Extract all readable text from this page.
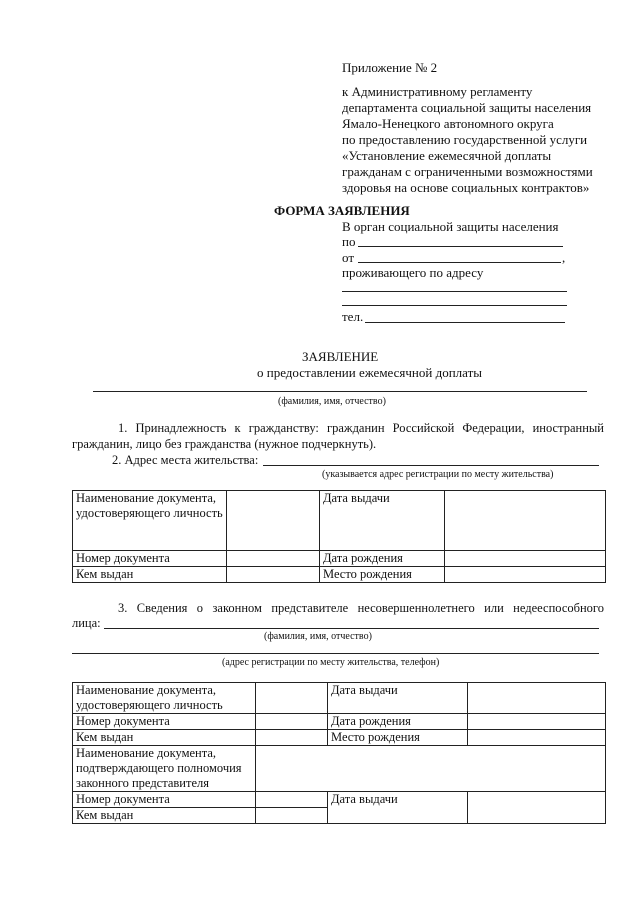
Приложение № 2
к Административному регламенту
департамента социальной защиты населения
Ямало-Ненецкого автономного округа
по предоставлению государственной услуги
«Установление ежемесячной доплаты
гражданам с ограниченными возможностями
здоровья на основе социальных контрактов»
ФОРМА ЗАЯВЛЕНИЯ
В орган социальной защиты населения
по
от	,
проживающего по адресу
тел.
ЗАЯВЛЕНИЕ
о предоставлении ежемесячной доплаты
(фамилия, имя, отчество)
1. Принадлежность к гражданству: гражданин Российской Федерации, иностранный
гражданин, лицо без гражданства (нужное подчеркнуть).
2. Адрес места жительства:
(указывается адрес регистрации по месту жительства)
Наименование документа, удостоверяющего личность		Дата выдачи	
Номер документа		Дата рождения	
Кем выдан		Место рождения	
3. Сведения о законном представителе несовершеннолетнего или недееспособного
лица:
(фамилия, имя, отчество)
(адрес регистрации по месту жительства, телефон)
Наименование документа, удостоверяющего личность		Дата выдачи	
Номер документа		Дата рождения	
Кем выдан		Место рождения	
Наименование документа, подтверждающего полномочия законного представителя			
Номер документа		Дата выдачи	
Кем выдан			
